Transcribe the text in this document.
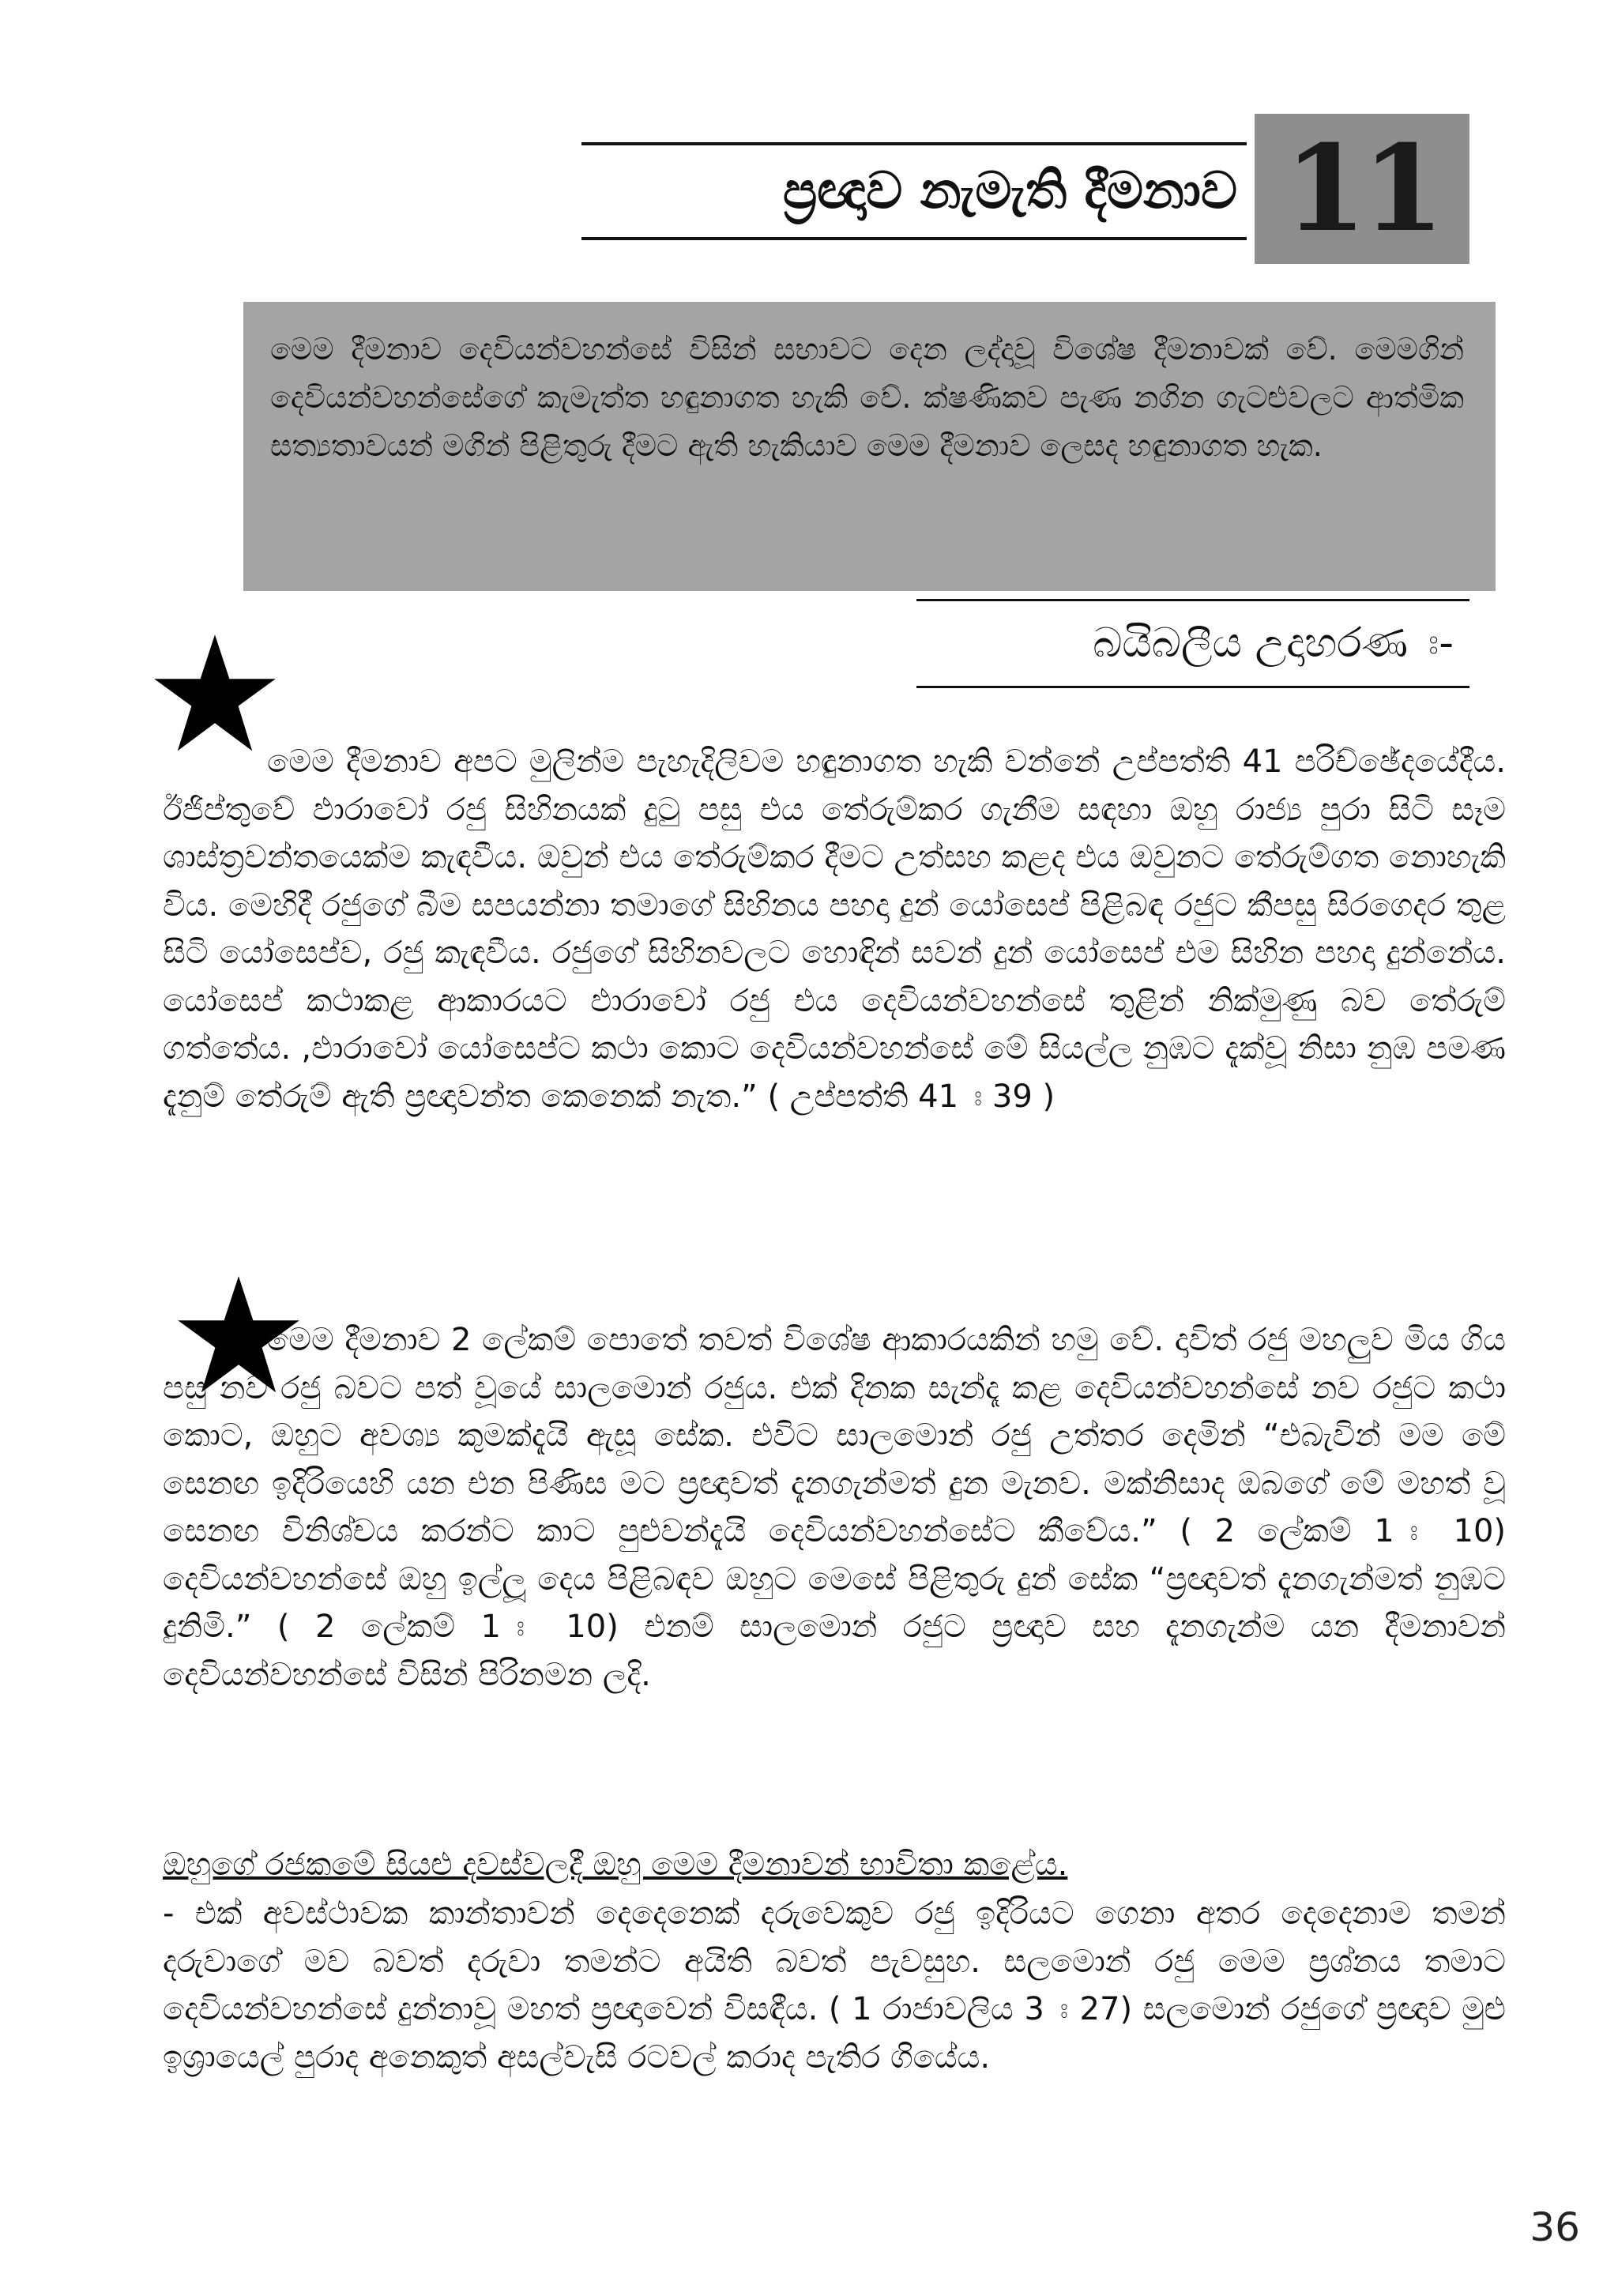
ප්‍රඥාව නැමැති දීමනාව 11

මෙම දීමනාව දෙවියන්වහන්සේ විසින් සභාවට දෙන ලද්දාවූ විශේෂ දීමනාවක් වේ. මෙමගින් දෙවියන්වහන්සේගේ කැමැත්ත හඳුනාගත හැකි වේ. ක්ෂණිකව පැණ නගින ගැටළුවලට ආත්මික සත්‍යතාවයන් මගින් පිළිතුරු දීමට ඇති හැකියාව මෙම දීමනාව ලෙසද හඳුනාගත හැක.

බයිබලීය උදාහරණ ඃ-

මෙම දීමනාව අපට මුලින්ම පැහැදිලිවම හඳුනාගත හැකි වන්නේ උප්පත්ති 41 පරිච්ඡේදයේදීය. ඊජිප්තුවේ ඵාරාවෝ රජු සිහිනයක් දුටු පසු එය තේරුම්කර ගැනීම සඳහා ඔහු රාජ්‍ය පුරා සිටි සෑම ශාස්ත්‍රවන්තයෙක්ම කැඳවීය. ඔවුන් එය තේරුම්කර දීමට උත්සහ කළද එය ඔවුනට තේරුම්ගත නොහැකි විය. මෙහිදී රජුගේ බීම සපයන්නා තමාගේ සිහිනය පහදා දුන් යෝසෙප් පිළිබඳ රජුට කීපසු සිරගෙදර තුළ සිටි යෝසෙප්ව, රජු කැඳවීය. රජුගේ සිහිනවලට හොඳින් සවන් දුන් යෝසෙප් එම සිහින පහදා දුන්නේය. යෝසෙප් කථාකළ ආකාරයට ඵාරාවෝ රජු එය දෙවියන්වහන්සේ තුළින් නික්මුණු බව තේරුම් ගත්තේය. ,ඵාරාවෝ යෝසෙප්ට කථා කොට දෙවියන්වහන්සේ මේ සියල්ල නුඹට දැක්වූ නිසා නුඹ පමණ දැනුම් තේරුම් ඇති ප්‍රඥාවන්ත කෙනෙක් නැත.” ( උප්පත්ති 41 ඃ 39 )

මෙම දීමනාව 2 ලේකම් පොතේ තවත් විශේෂ ආකාරයකින් හමු වේ. දාවිත් රජු මහලුව මිය ගිය පසු නව රජු බවට පත් වූයේ සාලමොන් රජුය. එක් දිනක සැන්දෑ කළ දෙවියන්වහන්සේ නව රජුට කථා කොට, ඔහුට අවශ්‍ය කුමක්දැයි ඇසූ සේක. එවිට සාලමොන් රජු උත්තර දෙමින් “එබැවින් මම මේ සෙනඟ ඉදිරියෙහි යන එන පිණිස මට ප්‍රඥාවත් දැනගැන්මත් දුන මැනව. මක්නිසාද ඔබගේ මේ මහත් වූ සෙනඟ විනිශ්චය කරන්ට කාට පුළුවන්දැයි දෙවියන්වහන්සේට කීවේය.” ( 2 ලේකම් 1 ඃ 10) දෙවියන්වහන්සේ ඔහු ඉල්ලූ දෙය පිළිබඳව ඔහුට මෙසේ පිළිතුරු දුන් සේක “ප්‍රඥාවත් දැනගැන්මත් නුඹට දුනිමි.” ( 2 ලේකම් 1 ඃ 10) එනම් සාලමොන් රජුට ප්‍රඥාව සහ දැනගැන්ම යන දීමනාවන් දෙවියන්වහන්සේ විසින් පිරිනමන ලදි.

ඔහුගේ රජකමේ සියළු දවස්වලදී ඔහු මෙම දීමනාවන් භාවිතා කළේය.

- එක් අවස්ථාවක කාන්තාවන් දෙදෙනෙක් දරුවෙකුව රජු ඉදිරියට ගෙනා අතර දෙදෙනාම තමන් දරුවාගේ මව බවත් දරුවා තමන්ට අයිති බවත් පැවසුහ. සලමොන් රජු මෙම ප්‍රශ්නය තමාට දෙවියන්වහන්සේ දුන්නාවූ මහත් ප්‍රඥාවෙන් විසඳීය. ( 1 රාජාවලිය 3 ඃ 27) සලමොන් රජුගේ ප්‍රඥාව මුළු ඉශ්‍රායෙල් පුරාද අනෙකුත් අසල්වැසි රටවල් කරාද පැතිර ගියේය.

36
